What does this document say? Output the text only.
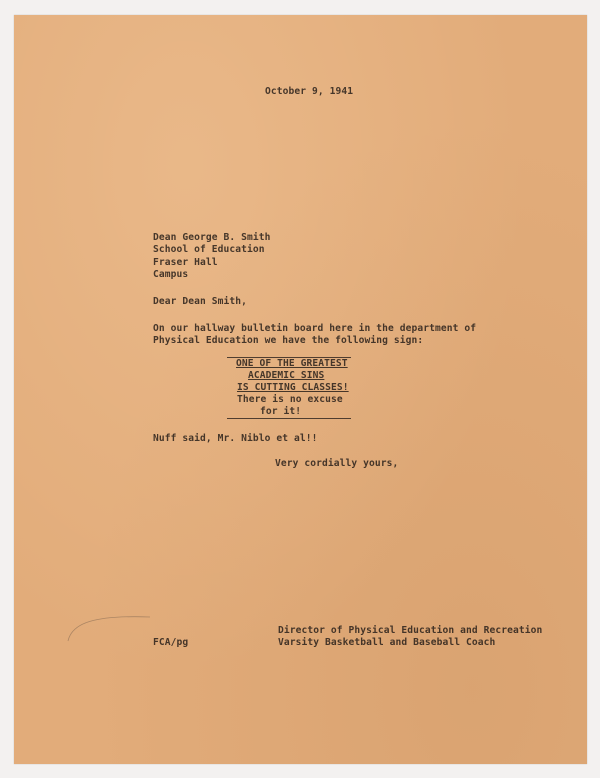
October 9, 1941
Dean George B. Smith
School of Education
Fraser Hall
Campus
Dear Dean Smith,
On our hallway bulletin board here in the department of
Physical Education we have the following sign:
ONE OF THE GREATEST
ACADEMIC SINS
IS CUTTING CLASSES!
There is no excuse
for it!
Nuff said, Mr. Niblo et al!!
Very cordially yours,
FCA/pg
Director of Physical Education and Recreation
Varsity Basketball and Baseball Coach
